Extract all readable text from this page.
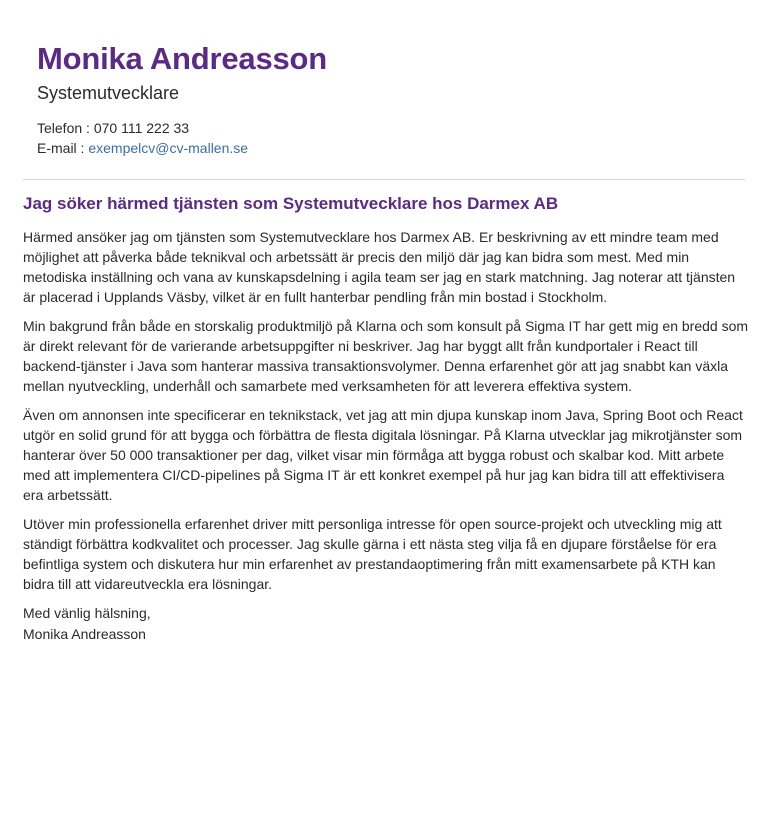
Monika Andreasson
Systemutvecklare
Telefon : 070 111 222 33
E-mail : exempelcv@cv-mallen.se
Jag söker härmed tjänsten som Systemutvecklare hos Darmex AB

Härmed ansöker jag om tjänsten som Systemutvecklare hos Darmex AB. Er beskrivning av ett mindre team med möjlighet att påverka både teknikval och arbetssätt är precis den miljö där jag kan bidra som mest. Med min metodiska inställning och vana av kunskapsdelning i agila team ser jag en stark matchning. Jag noterar att tjänsten är placerad i Upplands Väsby, vilket är en fullt hanterbar pendling från min bostad i Stockholm.

Min bakgrund från både en storskalig produktmiljö på Klarna och som konsult på Sigma IT har gett mig en bredd som är direkt relevant för de varierande arbetsuppgifter ni beskriver. Jag har byggt allt från kundportaler i React till backend-tjänster i Java som hanterar massiva transaktionsvolymer. Denna erfarenhet gör att jag snabbt kan växla mellan nyutveckling, underhåll och samarbete med verksamheten för att leverera effektiva system.

Även om annonsen inte specificerar en teknikstack, vet jag att min djupa kunskap inom Java, Spring Boot och React utgör en solid grund för att bygga och förbättra de flesta digitala lösningar. På Klarna utvecklar jag mikrotjänster som hanterar över 50 000 transaktioner per dag, vilket visar min förmåga att bygga robust och skalbar kod. Mitt arbete med att implementera CI/CD-pipelines på Sigma IT är ett konkret exempel på hur jag kan bidra till att effektivisera era arbetssätt.

Utöver min professionella erfarenhet driver mitt personliga intresse för open source-projekt och utveckling mig att ständigt förbättra kodkvalitet och processer. Jag skulle gärna i ett nästa steg vilja få en djupare förståelse för era befintliga system och diskutera hur min erfarenhet av prestandaoptimering från mitt examensarbete på KTH kan bidra till att vidareutveckla era lösningar.

Med vänlig hälsning,
Monika Andreasson
